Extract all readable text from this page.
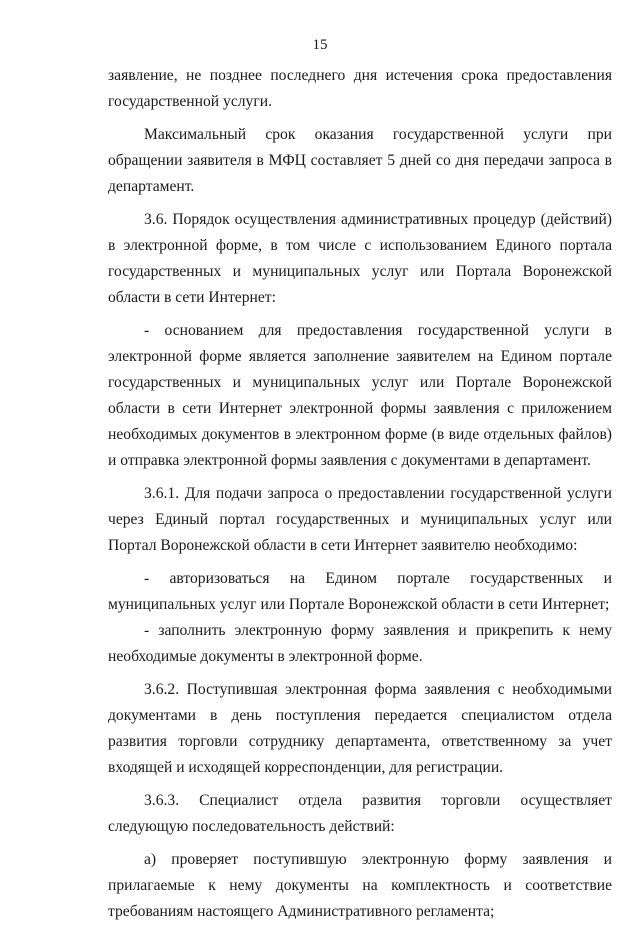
15

заявление, не позднее последнего дня истечения срока предоставления государственной услуги.

Максимальный срок оказания государственной услуги при обращении заявителя в МФЦ составляет 5 дней со дня передачи запроса в департамент.

3.6. Порядок осуществления административных процедур (действий) в электронной форме, в том числе с использованием Единого портала государственных и муниципальных услуг или Портала Воронежской области в сети Интернет:

- основанием для предоставления государственной услуги в электронной форме является заполнение заявителем на Едином портале государственных и муниципальных услуг или Портале Воронежской области в сети Интернет электронной формы заявления с приложением необходимых документов в электронном форме (в виде отдельных файлов) и отправка электронной формы заявления с документами в департамент.

3.6.1. Для подачи запроса о предоставлении государственной услуги через Единый портал государственных и муниципальных услуг или Портал Воронежской области в сети Интернет заявителю необходимо:

- авторизоваться на Едином портале государственных и муниципальных услуг или Портале Воронежской области в сети Интернет;

- заполнить электронную форму заявления и прикрепить к нему необходимые документы в электронной форме.

3.6.2. Поступившая электронная форма заявления с необходимыми документами в день поступления передается специалистом отдела развития торговли сотруднику департамента, ответственному за учет входящей и исходящей корреспонденции, для регистрации.

3.6.3. Специалист отдела развития торговли осуществляет следующую последовательность действий:

а) проверяет поступившую электронную форму заявления и прилагаемые к нему документы на комплектность и соответствие требованиям настоящего Административного регламента;
